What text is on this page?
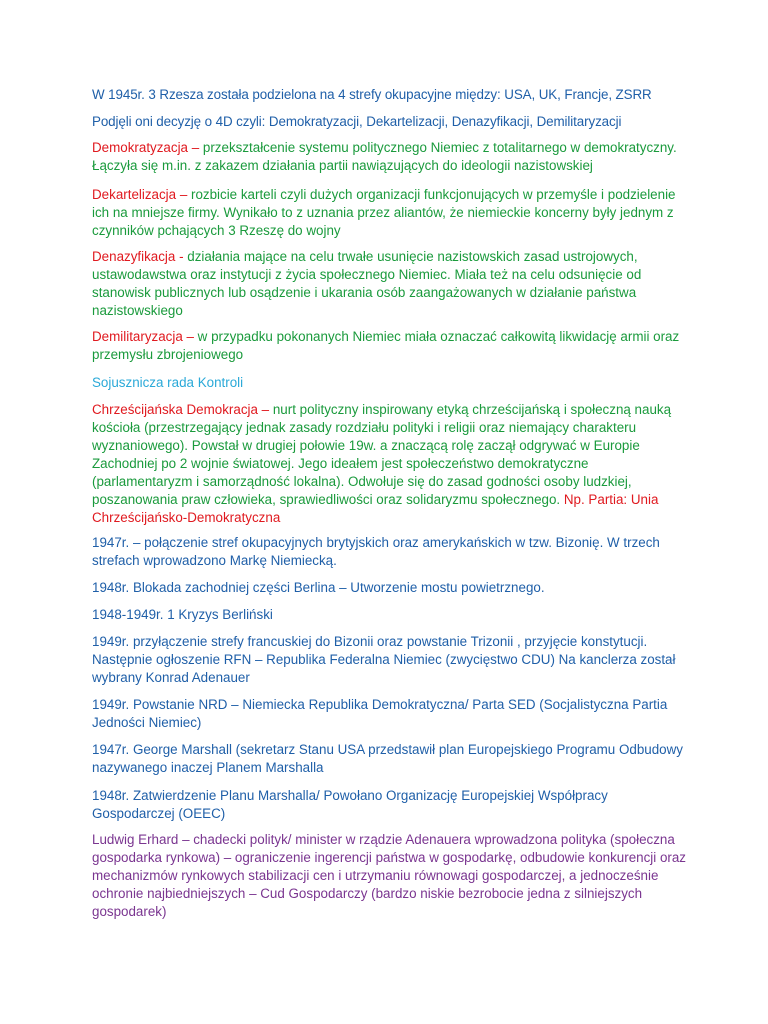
W 1945r. 3 Rzesza została podzielona na 4 strefy okupacyjne między: USA, UK, Francje, ZSRR

Podjęli oni decyzję o 4D czyli: Demokratyzacji, Dekartelizacji, Denazyfikacji, Demilitaryzacji

Demokratyzacja – przekształcenie systemu politycznego Niemiec z totalitarnego w demokratyczny. Łączyła się m.in. z zakazem działania partii nawiązujących do ideologii nazistowskiej

Dekartelizacja – rozbicie karteli czyli dużych organizacji funkcjonujących w przemyśle i podzielenie ich na mniejsze firmy. Wynikało to z uznania przez aliantów, że niemieckie koncerny były jednym z czynników pchających 3 Rzeszę do wojny

Denazyfikacja - działania mające na celu trwałe usunięcie nazistowskich zasad ustrojowych, ustawodawstwa oraz instytucji z życia społecznego Niemiec. Miała też na celu odsunięcie od stanowisk publicznych lub osądzenie i ukarania osób zaangażowanych w działanie państwa nazistowskiego

Demilitaryzacja – w przypadku pokonanych Niemiec miała oznaczać całkowitą likwidację armii oraz przemysłu zbrojeniowego

Sojusznicza rada Kontroli

Chrześcijańska Demokracja – nurt polityczny inspirowany etyką chrześcijańską i społeczną nauką kościoła (przestrzegający jednak zasady rozdziału polityki i religii oraz niemający charakteru wyznaniowego). Powstał w drugiej połowie 19w. a znaczącą rolę zaczął odgrywać w Europie Zachodniej po 2 wojnie światowej. Jego ideałem jest społeczeństwo demokratyczne (parlamentaryzm i samorządność lokalna). Odwołuje się do zasad godności osoby ludzkiej, poszanowania praw człowieka, sprawiedliwości oraz solidaryzmu społecznego. Np. Partia: Unia Chrześcijańsko-Demokratyczna

1947r. – połączenie stref okupacyjnych brytyjskich oraz amerykańskich w tzw. Bizonię. W trzech strefach wprowadzono Markę Niemiecką.

1948r. Blokada zachodniej części Berlina – Utworzenie mostu powietrznego.

1948-1949r. 1 Kryzys Berliński

1949r. przyłączenie strefy francuskiej do Bizonii oraz powstanie Trizonii , przyjęcie konstytucji. Następnie ogłoszenie RFN – Republika Federalna Niemiec (zwycięstwo CDU) Na kanclerza został wybrany Konrad Adenauer

1949r. Powstanie NRD – Niemiecka Republika Demokratyczna/ Parta SED (Socjalistyczna Partia Jedności Niemiec)

1947r. George Marshall (sekretarz Stanu USA przedstawił plan Europejskiego Programu Odbudowy nazywanego inaczej Planem Marshalla

1948r. Zatwierdzenie Planu Marshalla/ Powołano Organizację Europejskiej Współpracy Gospodarczej (OEEC)

Ludwig Erhard – chadecki polityk/ minister w rządzie Adenauera wprowadzona polityka (społeczna gospodarka rynkowa) – ograniczenie ingerencji państwa w gospodarkę, odbudowie konkurencji oraz mechanizmów rynkowych stabilizacji cen i utrzymaniu równowagi gospodarczej, a jednocześnie ochronie najbiedniejszych – Cud Gospodarczy (bardzo niskie bezrobocie jedna z silniejszych gospodarek)
